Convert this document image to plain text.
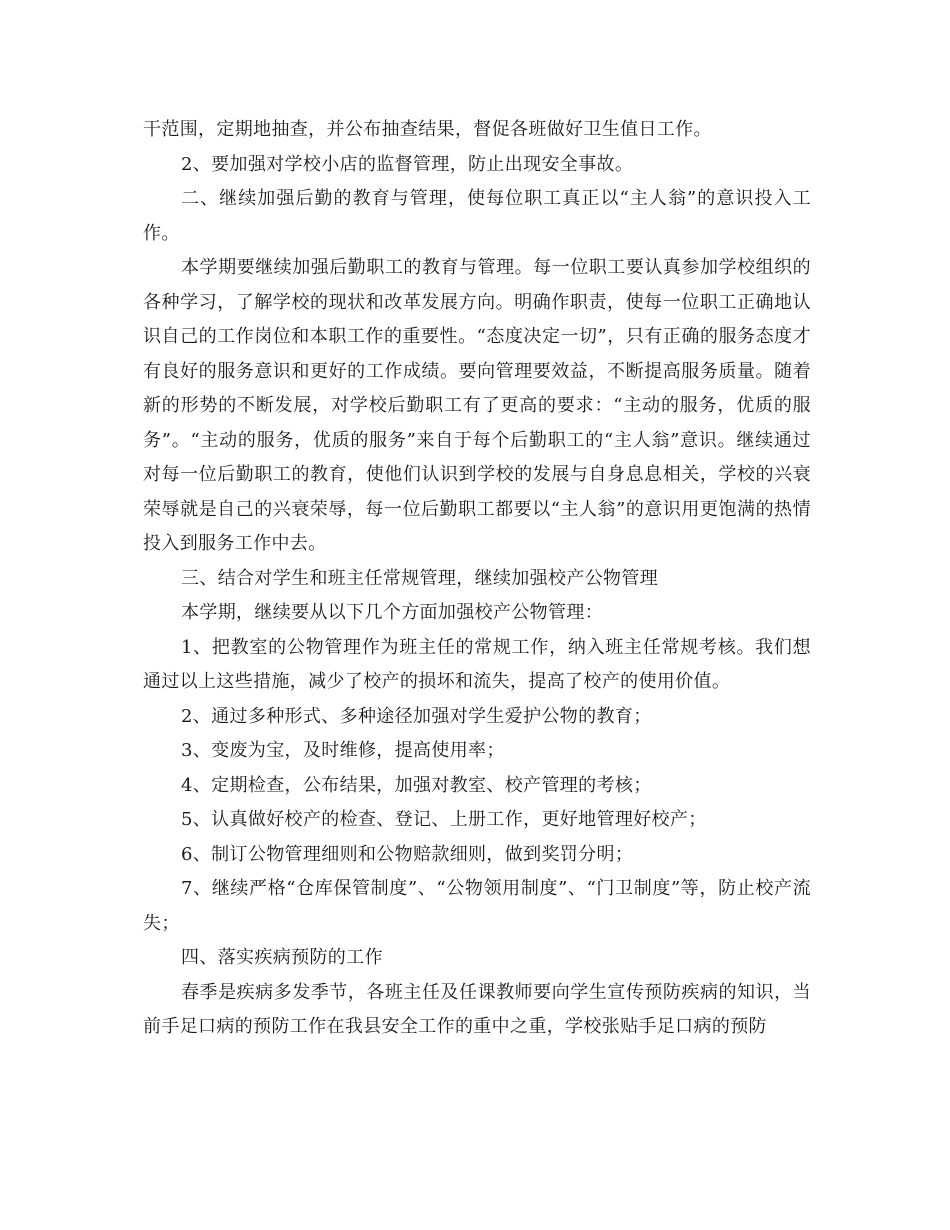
干范围，定期地抽查，并公布抽查结果，督促各班做好卫生值日工作。

2、要加强对学校小店的监督管理，防止出现安全事故。

二、继续加强后勤的教育与管理，使每位职工真正以“主人翁”的意识投入工作。

本学期要继续加强后勤职工的教育与管理。每一位职工要认真参加学校组织的各种学习，了解学校的现状和改革发展方向。明确作职责，使每一位职工正确地认识自己的工作岗位和本职工作的重要性。“态度决定一切”，只有正确的服务态度才有良好的服务意识和更好的工作成绩。要向管理要效益，不断提高服务质量。随着新的形势的不断发展，对学校后勤职工有了更高的要求：“主动的服务，优质的服务”。“主动的服务，优质的服务”来自于每个后勤职工的“主人翁”意识。继续通过对每一位后勤职工的教育，使他们认识到学校的发展与自身息息相关，学校的兴衰荣辱就是自己的兴衰荣辱，每一位后勤职工都要以“主人翁”的意识用更饱满的热情投入到服务工作中去。

三、结合对学生和班主任常规管理，继续加强校产公物管理

本学期，继续要从以下几个方面加强校产公物管理：

1、把教室的公物管理作为班主任的常规工作，纳入班主任常规考核。我们想通过以上这些措施，减少了校产的损坏和流失，提高了校产的使用价值。

2、通过多种形式、多种途径加强对学生爱护公物的教育；

3、变废为宝，及时维修，提高使用率；

4、定期检查，公布结果，加强对教室、校产管理的考核；

5、认真做好校产的检查、登记、上册工作，更好地管理好校产；

6、制订公物管理细则和公物赔款细则，做到奖罚分明；

7、继续严格“仓库保管制度”、“公物领用制度”、“门卫制度”等，防止校产流失；

四、落实疾病预防的工作

春季是疾病多发季节，各班主任及任课教师要向学生宣传预防疾病的知识，当前手足口病的预防工作在我县安全工作的重中之重，学校张贴手足口病的预防
